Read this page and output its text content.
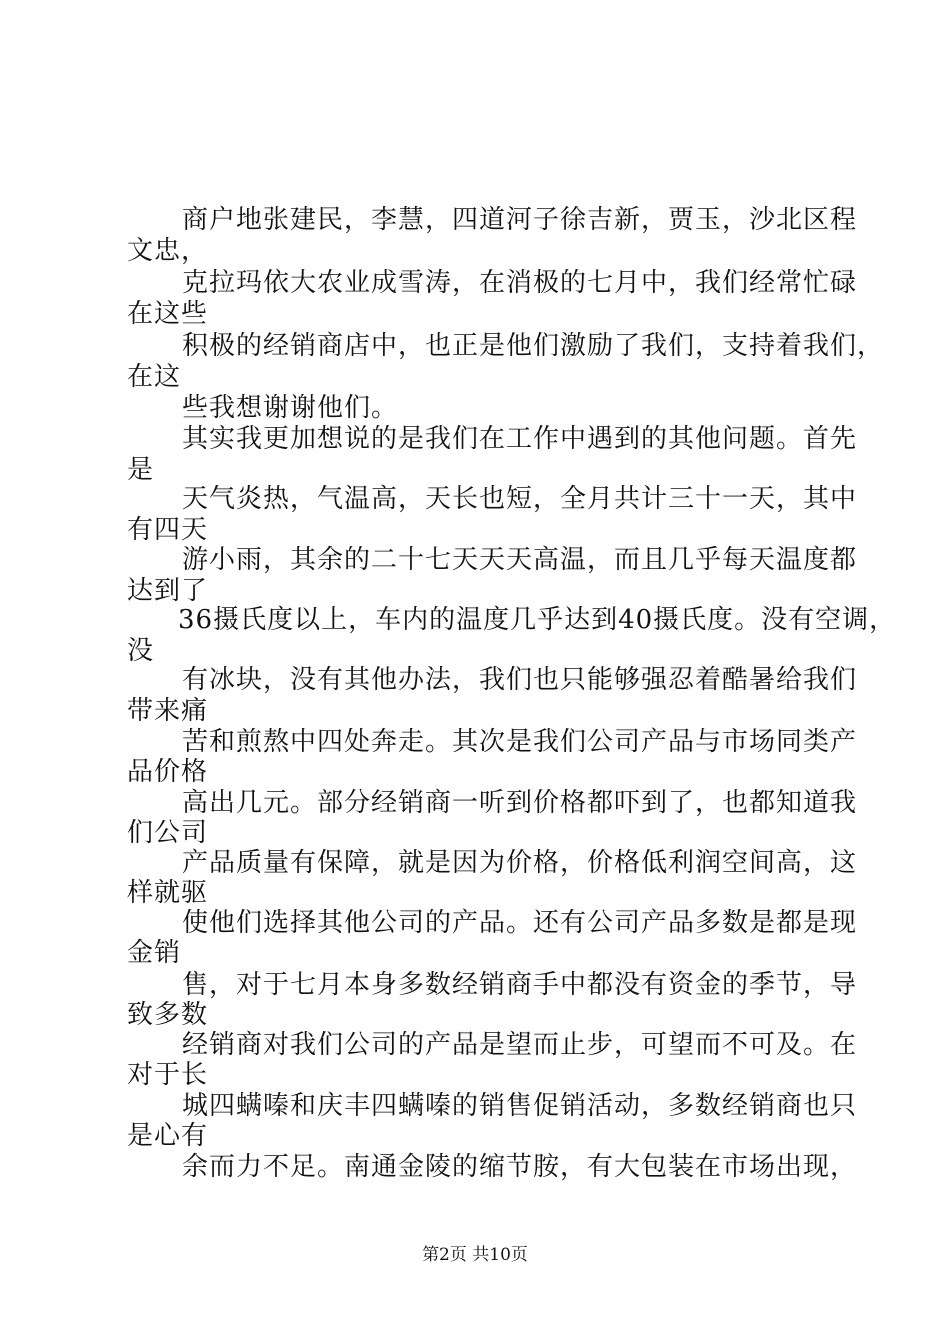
商户地张建民，李慧，四道河子徐吉新，贾玉，沙北区程
文忠，
克拉玛依大农业成雪涛，在消极的七月中，我们经常忙碌
在这些
积极的经销商店中，也正是他们激励了我们，支持着我们，
在这
些我想谢谢他们。
其实我更加想说的是我们在工作中遇到的其他问题。首先
是
天气炎热，气温高，天长也短，全月共计三十一天，其中
有四天
游小雨，其余的二十七天天天高温，而且几乎每天温度都
达到了
36摄氏度以上，车内的温度几乎达到40摄氏度。没有空调，
没
有冰块，没有其他办法，我们也只能够强忍着酷暑给我们
带来痛
苦和煎熬中四处奔走。其次是我们公司产品与市场同类产
品价格
高出几元。部分经销商一听到价格都吓到了，也都知道我
们公司
产品质量有保障，就是因为价格，价格低利润空间高，这
样就驱
使他们选择其他公司的产品。还有公司产品多数是都是现
金销
售，对于七月本身多数经销商手中都没有资金的季节，导
致多数
经销商对我们公司的产品是望而止步，可望而不可及。在
对于长
城四螨嗪和庆丰四螨嗪的销售促销活动，多数经销商也只
是心有
余而力不足。南通金陵的缩节胺，有大包装在市场出现，
第2页 共10页
